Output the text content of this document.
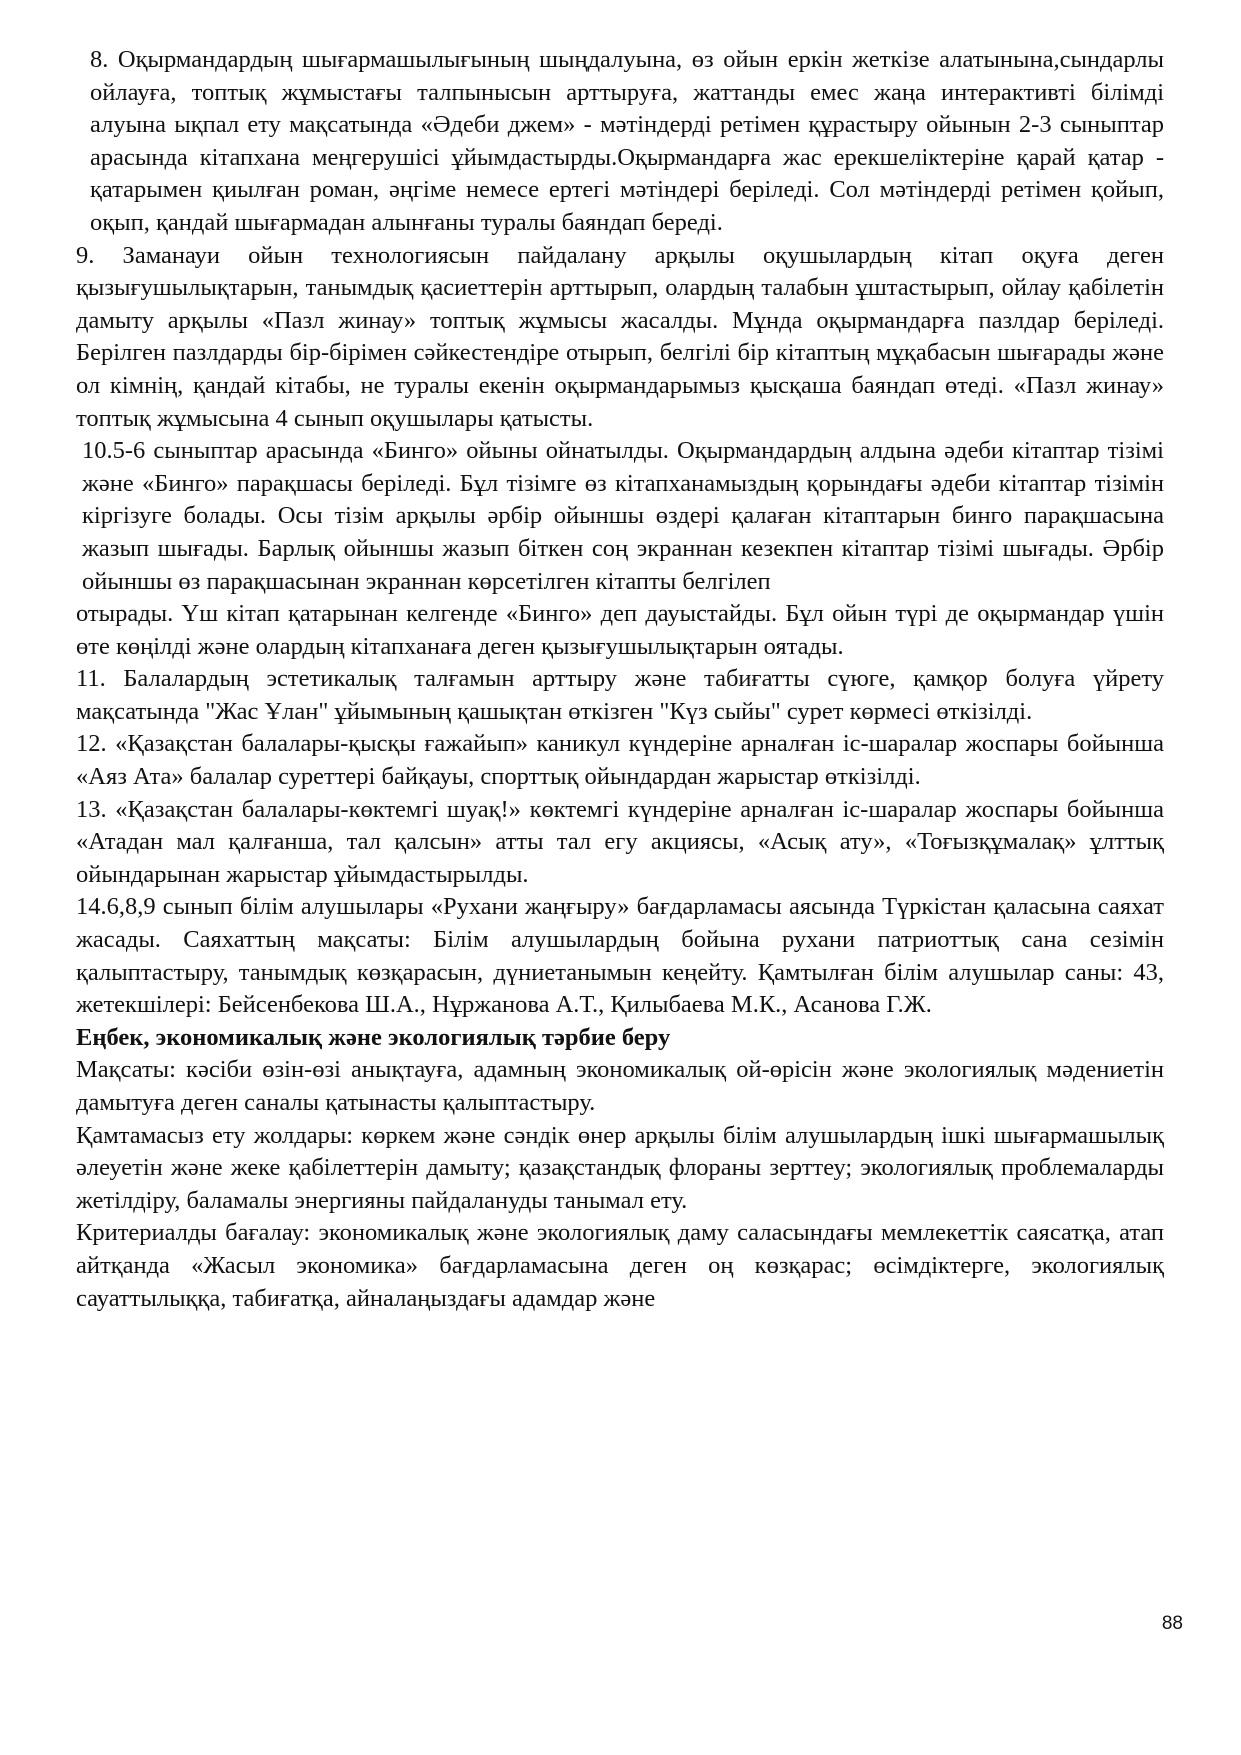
8. Оқырмандардың шығармашылығының шыңдалуына, өз ойын еркін жеткізе алатынына,сындарлы ойлауға, топтық жұмыстағы талпынысын арттыруға, жаттанды емес жаңа интерактивті білімді алуына ықпал ету мақсатында «Әдеби джем» - мәтіндерді ретімен құрастыру ойынын 2-3 сыныптар арасында кітапхана меңгерушісі ұйымдастырды.Оқырмандарға жас ерекшеліктеріне қарай қатар - қатарымен қиылған роман, әңгіме немесе ертегі мәтіндері беріледі. Сол мәтіндерді ретімен қойып, оқып, қандай шығармадан алынғаны туралы баяндап береді.

9. Заманауи ойын технологиясын пайдалану арқылы оқушылардың кітап оқуға деген қызығушылықтарын, танымдық қасиеттерін арттырып, олардың талабын ұштастырып, ойлау қабілетін дамыту арқылы «Пазл жинау» топтық жұмысы жасалды. Мұнда оқырмандарға пазлдар беріледі. Берілген пазлдарды бір-бірімен сәйкестендіре отырып, белгілі бір кітаптың мұқабасын шығарады және ол кімнің, қандай кітабы, не туралы екенін оқырмандарымыз қысқаша баяндап өтеді. «Пазл жинау» топтық жұмысына 4 сынып оқушылары қатысты.

10.5-6 сыныптар арасында «Бинго» ойыны ойнатылды. Оқырмандардың алдына әдеби кітаптар тізімі және «Бинго» парақшасы беріледі. Бұл тізімге өз кітапханамыздың қорындағы әдеби кітаптар тізімін кіргізуге болады. Осы тізім арқылы әрбір ойыншы өздері қалаған кітаптарын бинго парақшасына жазып шығады. Барлық ойыншы жазып біткен соң экраннан кезекпен кітаптар тізімі шығады. Әрбір ойыншы өз парақшасынан экраннан көрсетілген кітапты белгілеп

отырады. Үш кітап қатарынан келгенде «Бинго» деп дауыстайды. Бұл ойын түрі де оқырмандар үшін өте көңілді және олардың кітапханаға деген қызығушылықтарын оятады.

11. Балалардың эстетикалық талғамын арттыру және табиғатты сүюге, қамқор болуға үйрету мақсатында "Жас Ұлан" ұйымының қашықтан өткізген "Күз сыйы" сурет көрмесі өткізілді.

12. «Қазақстан балалары-қысқы ғажайып» каникул күндеріне арналған іс-шаралар жоспары бойынша «Аяз Ата» балалар суреттері байқауы, спорттық ойындардан жарыстар өткізілді.

13. «Қазақстан балалары-көктемгі шуақ!» көктемгі күндеріне арналған іс-шаралар жоспары бойынша «Атадан мал қалғанша, тал қалсын» атты тал егу акциясы, «Асық ату», «Тоғызқұмалақ» ұлттық ойындарынан жарыстар ұйымдастырылды.

14.6,8,9 сынып білім алушылары «Рухани жаңғыру» бағдарламасы аясында Түркістан қаласына саяхат жасады. Саяхаттың мақсаты: Білім алушылардың бойына рухани патриоттық сана сезімін қалыптастыру, танымдық көзқарасын, дүниетанымын кеңейту. Қамтылған білім алушылар саны: 43, жетекшілері: Бейсенбекова Ш.А., Нұржанова А.Т., Қилыбаева М.К., Асанова Г.Ж.

Еңбек, экономикалық және экологиялық тәрбие беру

Мақсаты: кәсіби өзін-өзі анықтауға, адамның экономикалық ой-өрісін және экологиялық мәдениетін дамытуға деген саналы қатынасты қалыптастыру.

Қамтамасыз ету жолдары: көркем және сәндік өнер арқылы білім алушылардың ішкі шығармашылық әлеуетін және жеке қабілеттерін дамыту; қазақстандық флораны зерттеу; экологиялық проблемаларды жетілдіру, баламалы энергияны пайдалануды танымал ету.

Критериалды бағалау: экономикалық және экологиялық даму саласындағы мемлекеттік саясатқа, атап айтқанда «Жасыл экономика» бағдарламасына деген оң көзқарас; өсімдіктерге, экологиялық сауаттылыққа, табиғатқа, айналаңыздағы адамдар және

88
